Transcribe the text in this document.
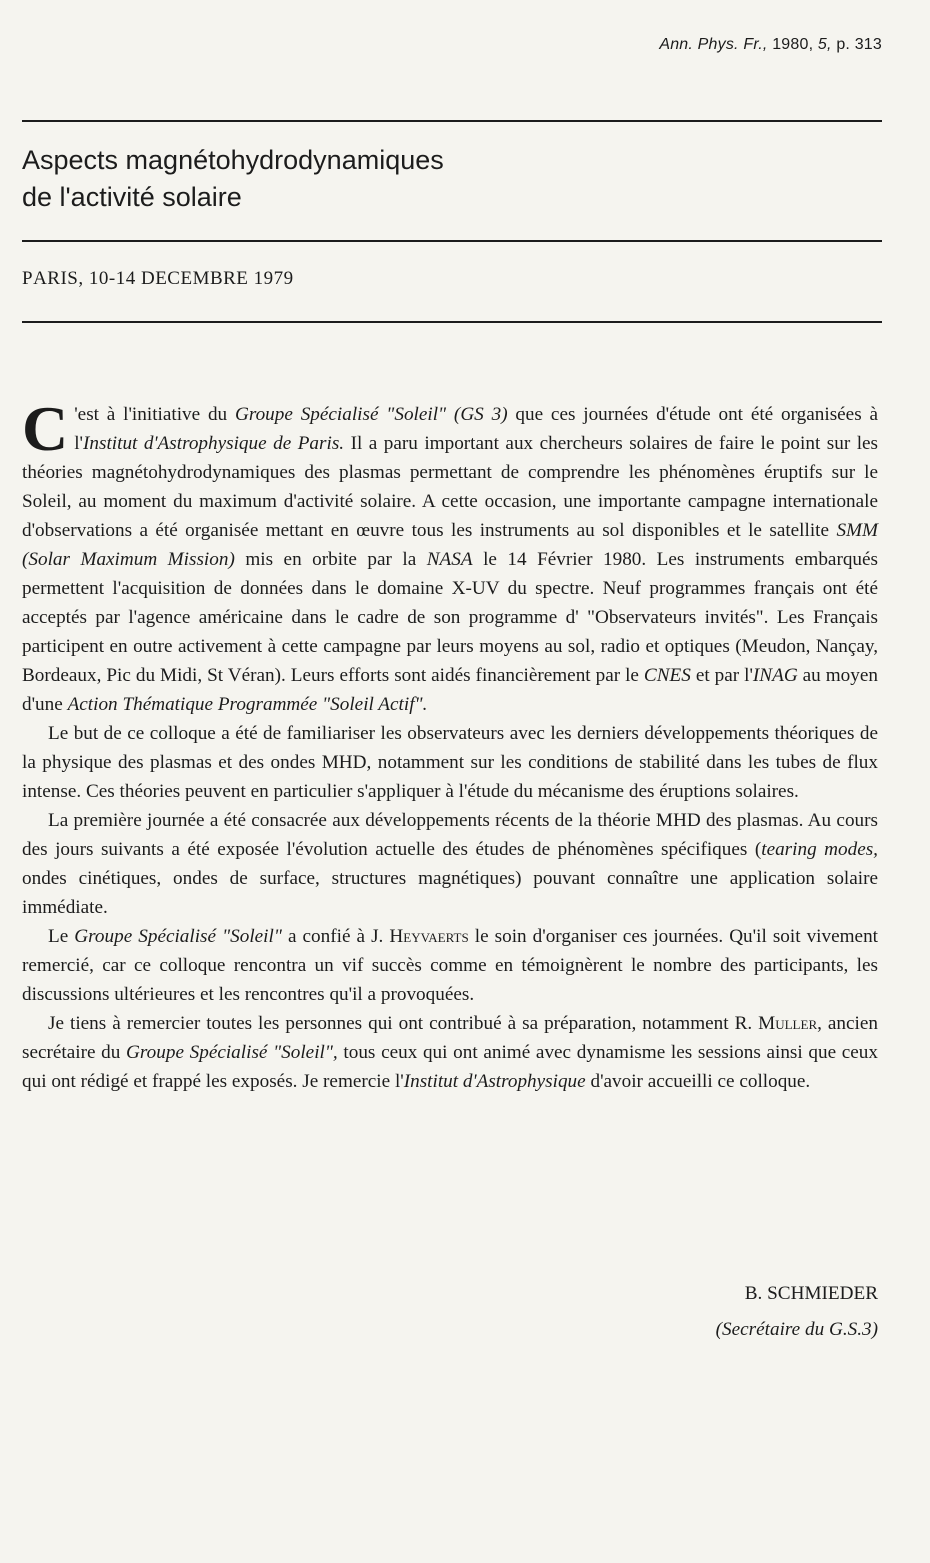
Ann. Phys. Fr., 1980, 5, p. 313
Aspects magnétohydrodynamiques
de l'activité solaire
PARIS, 10-14 DECEMBRE 1979

C 'est à l'initiative du Groupe Spécialisé "Soleil" (GS 3) que ces journées d'étude ont été organisées à l'Institut d'Astrophysique de Paris. Il a paru important aux chercheurs solaires de faire le point sur les théories magnétohydrodynamiques des plasmas permettant de comprendre les phénomènes éruptifs sur le Soleil, au moment du maximum d'activité solaire. A cette occasion, une importante campagne internationale d'observations a été organisée mettant en œuvre tous les instruments au sol disponibles et le satellite SMM (Solar Maximum Mission) mis en orbite par la NASA le 14 Février 1980. Les instruments embarqués permettent l'acquisition de données dans le domaine X-UV du spectre. Neuf programmes français ont été acceptés par l'agence américaine dans le cadre de son programme d' "Observateurs invités". Les Français participent en outre activement à cette campagne par leurs moyens au sol, radio et optiques (Meudon, Nançay, Bordeaux, Pic du Midi, St Véran). Leurs efforts sont aidés financièrement par le CNES et par l'INAG au moyen d'une Action Thématique Programmée "Soleil Actif".

Le but de ce colloque a été de familiariser les observateurs avec les derniers développements théoriques de la physique des plasmas et des ondes MHD, notamment sur les conditions de stabilité dans les tubes de flux intense. Ces théories peuvent en particulier s'appliquer à l'étude du mécanisme des éruptions solaires.

La première journée a été consacrée aux développements récents de la théorie MHD des plasmas. Au cours des jours suivants a été exposée l'évolution actuelle des études de phénomènes spécifiques (tearing modes, ondes cinétiques, ondes de surface, structures magnétiques) pouvant connaître une application solaire immédiate.

Le Groupe Spécialisé "Soleil" a confié à J. Heyvaerts le soin d'organiser ces journées. Qu'il soit vivement remercié, car ce colloque rencontra un vif succès comme en témoignèrent le nombre des participants, les discussions ultérieures et les rencontres qu'il a provoquées.

Je tiens à remercier toutes les personnes qui ont contribué à sa préparation, notamment R. Muller, ancien secrétaire du Groupe Spécialisé "Soleil", tous ceux qui ont animé avec dynamisme les sessions ainsi que ceux qui ont rédigé et frappé les exposés. Je remercie l'Institut d'Astrophysique d'avoir accueilli ce colloque.

B. SCHMIEDER
(Secrétaire du G.S.3)
